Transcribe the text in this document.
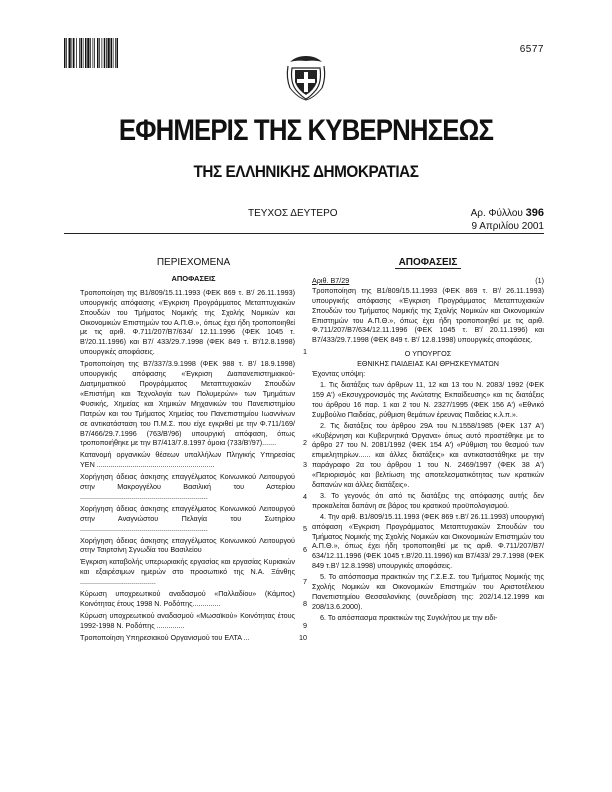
6577
ΕΦΗΜΕΡΙΣ ΤΗΣ ΚΥΒΕΡΝΗΣΕΩΣ
ΤΗΣ ΕΛΛΗΝΙΚΗΣ ΔΗΜΟΚΡΑΤΙΑΣ
ΤΕΥΧΟΣ ΔΕΥΤΕΡΟ	Αρ. Φύλλου 396
9 Απριλίου 2001
ΠΕΡΙΕΧΟΜΕΝΑ
ΑΠΟΦΑΣΕΙΣ
Τροποποίηση της Β1/809/15.11.1993 (ΦΕΚ 869 τ. Β'/ 26.11.1993) υπουργικής απόφασης «Έγκριση Προγράμματος Μεταπτυχιακών Σπουδών του Τμήματος Νομικής της Σχολής Νομικών και Οικονομικών Επιστημών του Α.Π.Θ.», όπως έχει ήδη τροποποιηθεί με τις αριθ. Φ.711/207/Β7/634/ 12.11.1996 (ΦΕΚ 1045 τ. Β'/20.11.1996) και Β7/ 433/29.7.1998 (ΦΕΚ 849 τ. Β'/12.8.1998) υπουργικές αποφάσεις.	1
Τροποποίηση της Β7/337/3.9.1998 (ΦΕΚ 988 τ. Β'/ 18.9.1998) υπουργικής απόφασης «Έγκριση Διαπανεπιστημιακού-Διατμηματικού Προγράμματος Μεταπτυχιακών Σπουδών «Επιστήμη και Τεχνολογία των Πολυμερών» των Τμημάτων Φυσικής, Χημείας και Χημικών Μηχανικών του Πανεπιστημίου Πατρών και του Τμήματος Χημείας του Πανεπιστημίου Ιωαννίνων σε αντικατάσταση του Π.Μ.Σ. που είχε εγκριθεί με την Φ.711/169/Β7/466/29.7.1996 (763/Β'/96) υπουργική απόφαση, όπως τροποποιήθηκε με την Β7/413/7.8.1997 όμοια (733/Β'/97).......	2
Κατανομή οργανικών θέσεων υπαλλήλων Πληγικής Υπηρεσίας ΥΕΝ ...........................................................	3
Χορήγηση άδειας άσκησης επαγγέλματος Κοινωνικού Λειτουργού στην Μακρογγέλου Βασιλική του Αστερίου ................................................................	4
Χορήγηση άδειας άσκησης επαγγέλματος Κοινωνικού Λειτουργού στην Αναγνώστου Πελαγία του Σωτηρίου ................................................................	5
Χορήγηση άδειας άσκησης επαγγέλματος Κοινωνικού Λειτουργού στην Τσιρτσίνη Σγνωδία του Βασιλείου	6
Έγκριση καταβολής υπερωριακής εργασίας και εργασίας Κυριακών και εξαιρέσιμων ημερών στο προσωπικό της Ν.Α. Ξάνθης ......................................	7
Κύρωση υποχρεωτικού αναδασμού «Παλλαδίου» (Κάμπος) Κοινότητας έτους 1998 Ν. Ροδόπης..............	8
Κύρωση υποχρεωτικού αναδασμού «Μωσαϊκού» Κοινότητας έτους 1992-1998 Ν. Ροδόπης ..............	9
Τροποποίηση Υπηρεσιακού Οργανισμού του ΕΛΤΑ ...	10
ΑΠΟΦΑΣΕΙΣ
Αριθ. Β7/29	(1)
Τροποποίηση της Β1/809/15.11.1993 (ΦΕΚ 869 τ. Β'/ 26.11.1993) υπουργικής απόφασης «Έγκριση Προγράμματος Μεταπτυχιακών Σπουδών του Τμήματος Νομικής της Σχολής Νομικών και Οικονομικών Επιστημών του Α.Π.Θ.», όπως έχει ήδη τροποποιηθεί με τις αριθ. Φ.711/207/Β7/634/12.11.1996 (ΦΕΚ 1045 τ. Β'/ 20.11.1996) και Β7/433/29.7.1998 (ΦΕΚ 849 τ. Β'/ 12.8.1998) υπουργικές αποφάσεις.
Ο ΥΠΟΥΡΓΟΣ
ΕΘΝΙΚΗΣ ΠΑΙΔΕΙΑΣ ΚΑΙ ΘΡΗΣΚΕΥΜΑΤΩΝ
Έχοντας υπόψη:
1. Τις διατάξεις των άρθρων 11, 12 και 13 του Ν. 2083/ 1992 (ΦΕΚ 159 Α') «Εκσυγχρονισμός της Ανώτατης Εκπαίδευσης» και τις διατάξεις του άρθρου 16 παρ. 1 και 2 του Ν. 2327/1995 (ΦΕΚ 156 Α') «Εθνικό Συμβούλιο Παιδείας, ρύθμιση θεμάτων έρευνας Παιδείας κ.λ.π.».
2. Τις διατάξεις του άρθρου 29Α του Ν.1558/1985 (ΦΕΚ 137 Α') «Κυβέρνηση και Κυβερνητικά Όργανα» όπως αυτό προστέθηκε με το άρθρο 27 του Ν. 2081/1992 (ΦΕΚ 154 Α') «Ρύθμιση του θεσμού των επιμελητηρίων...... και άλλες διατάξεις» και αντικαταστάθηκε με την παράγραφο 2α του άρθρου 1 του Ν. 2469/1997 (ΦΕΚ 38 Α') «Περιορισμός και βελτίωση της αποτελεσματικότητας των κρατικών δαπανών και άλλες διατάξεις».
3. Το γεγονός ότι από τις διατάξεις της απόφασης αυτής δεν προκαλείται δαπάνη σε βάρος του κρατικού προϋπολογισμού.
4. Την αριθ. Β1/809/15.11.1993 (ΦΕΚ 869 τ.Β'/ 26.11.1993) υπουργική απόφαση «Έγκριση Προγράμματος Μεταπτυχιακών Σπουδών του Τμήματος Νομικής της Σχολής Νομικών και Οικονομικών Επιστημών του Α.Π.Θ.», όπως έχει ήδη τροποποιηθεί με τις αριθ. Φ.711/207/Β7/ 634/12.11.1996 (ΦΕΚ 1045 τ.Β'/20.11.1996) και Β7/433/ 29.7.1998 (ΦΕΚ 849 τ.Β'/ 12.8.1998) υπουργικές αποφάσεις.
5. Το απόσπασμα πρακτικών της Γ.Σ.Ε.Σ. του Τμήματος Νομικής της Σχολής Νομικών και Οικονομικών Επιστημών του Αριστοτέλειου Πανεπιστημίου Θεσσαλονίκης (συνεδρίαση της: 202/14.12.1999 και 208/13.6.2000).
6. Το απόσπασμα πρακτικών της Συγκλήτου με την ειδι-
